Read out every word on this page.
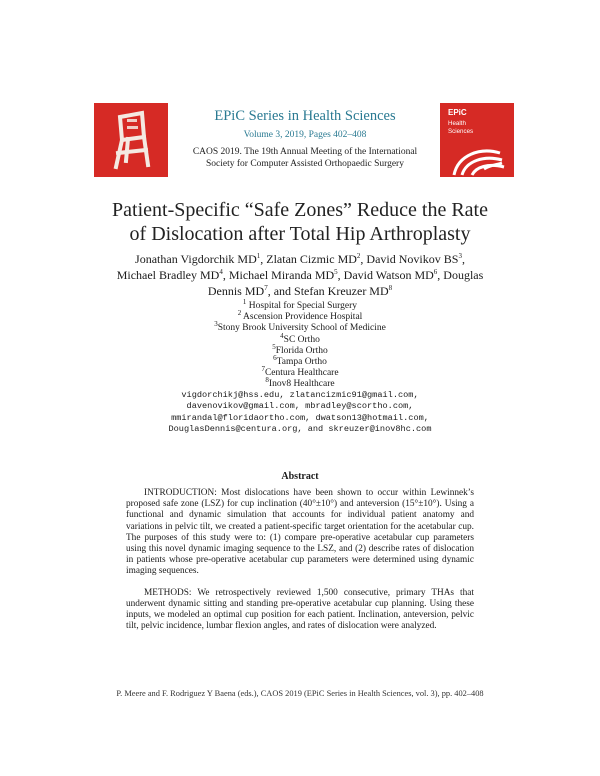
EPiC Series in Health Sciences
Volume 3, 2019, Pages 402–408
CAOS 2019. The 19th Annual Meeting of the International
Society for Computer Assisted Orthopaedic Surgery
EPiC
Health
Sciences
Patient-Specific “Safe Zones” Reduce the Rate
of Dislocation after Total Hip Arthroplasty
Jonathan Vigdorchik $MD^1$, Zlatan Cizmic $MD^2$, David Novikov $BS^3$,
Michael Bradley $MD^4$, Michael Miranda $MD^5$, David Watson $MD^6$, Douglas
Dennis $MD^7$, and Stefan Kreuzer $MD^8$
$^1$ Hospital for Special Surgery
$^2$ Ascension Providence Hospital
$^3$Stony Brook University School of Medicine
$^4$SC Ortho
$^5$Florida Ortho
$^6$Tampa Ortho
$^7$Centura Healthcare
$^8$Inov8 Healthcare
vigdorchikj@hss.edu, zlatancizmic91@gmail.com,
davenovikov@gmail.com, mbradley@scortho.com,
mmirandal@floridaortho.com, dwatson13@hotmail.com,
DouglasDennis@centura.org, and skreuzer@inov8hc.com
Abstract

INTRODUCTION: Most dislocations have been shown to occur within Lewinnek’s proposed safe zone (LSZ) for cup inclination (40°±10°) and anteversion (15°±10°). Using a functional and dynamic simulation that accounts for individual patient anatomy and variations in pelvic tilt, we created a patient-specific target orientation for the acetabular cup. The purposes of this study were to: (1) compare pre-operative acetabular cup parameters using this novel dynamic imaging sequence to the LSZ, and (2) describe rates of dislocation in patients whose pre-operative acetabular cup parameters were determined using dynamic imaging sequences.

METHODS: We retrospectively reviewed 1,500 consecutive, primary THAs that underwent dynamic sitting and standing pre-operative acetabular cup planning. Using these inputs, we modeled an optimal cup position for each patient. Inclination, anteversion, pelvic tilt, pelvic incidence, lumbar flexion angles, and rates of dislocation were analyzed.

P. Meere and F. Rodriguez Y Baena (eds.), CAOS 2019 (EPiC Series in Health Sciences, vol. 3), pp. 402–408
